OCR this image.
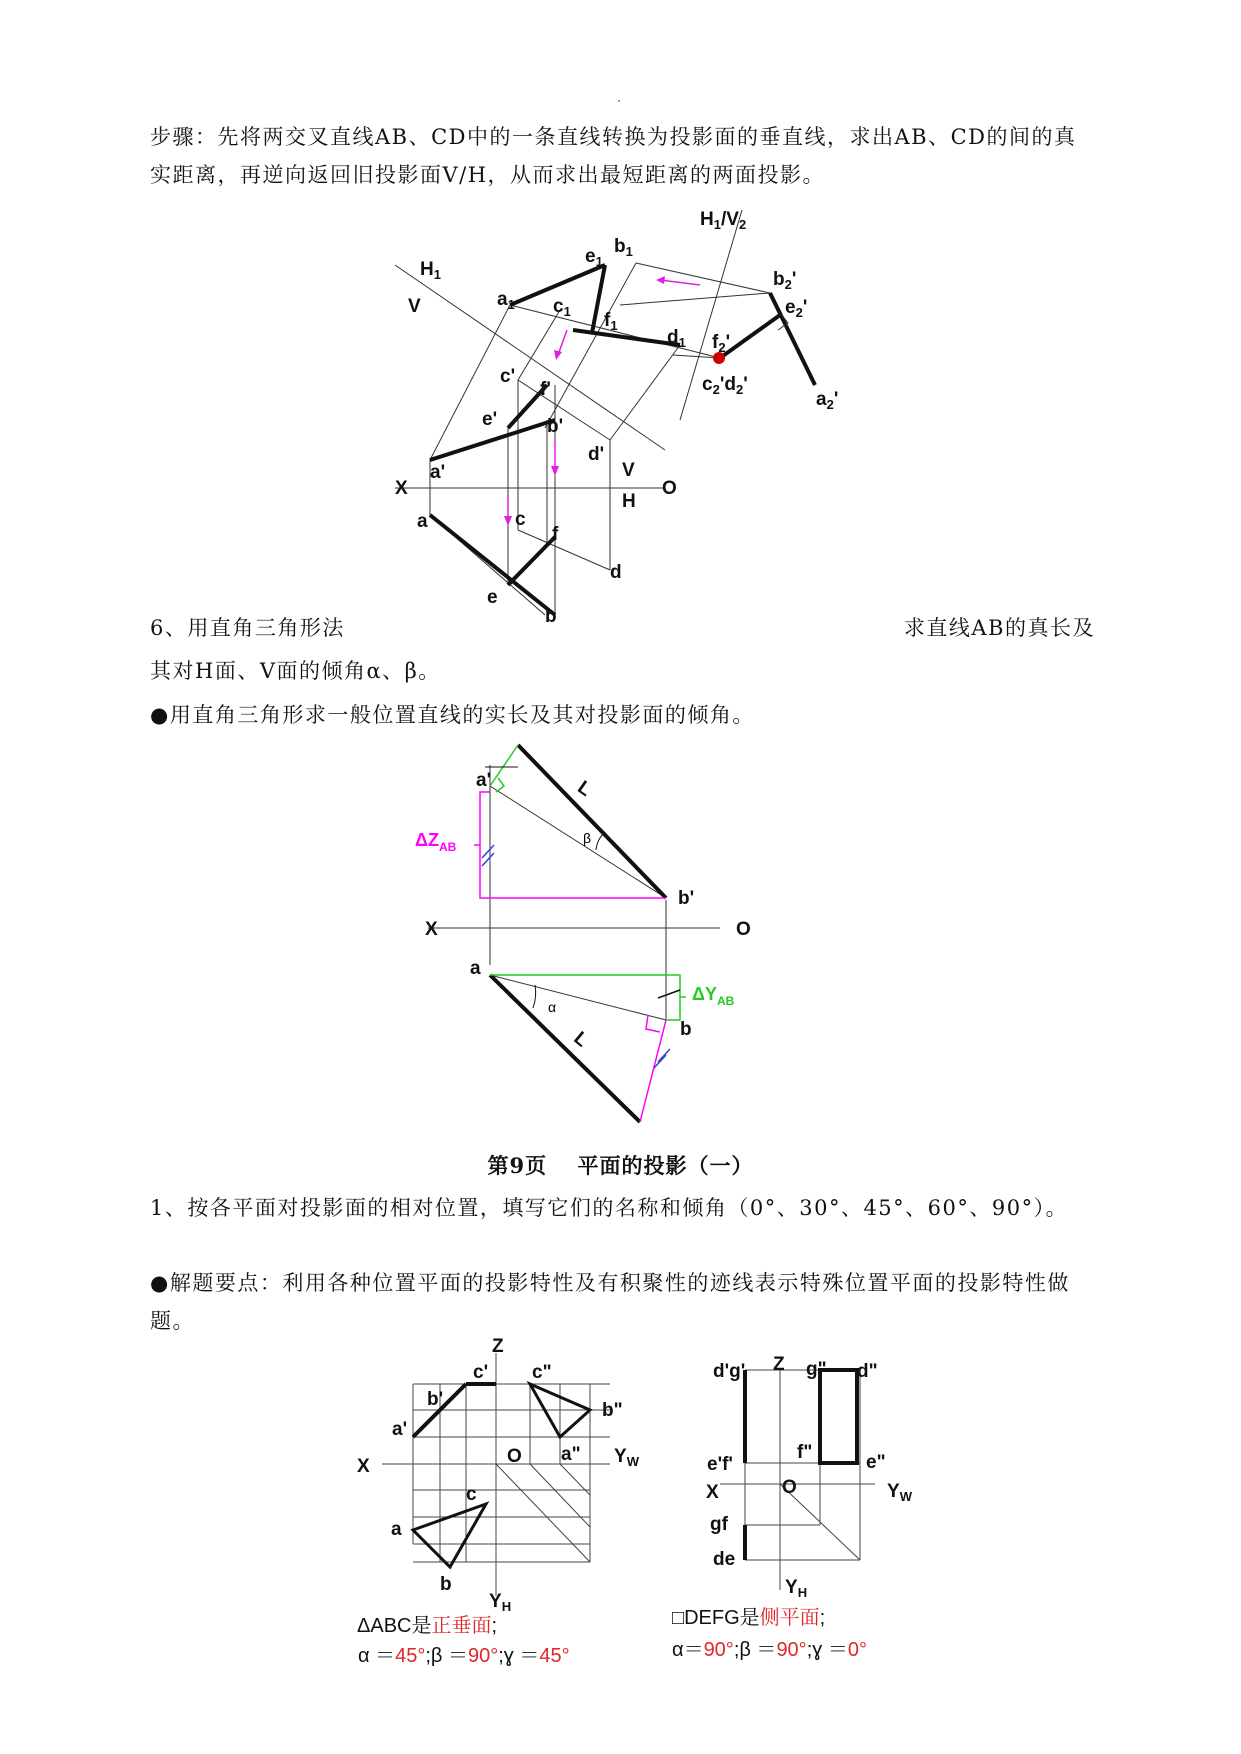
步骤：先将两交叉直线AB、CD中的一条直线转换为投影面的垂直线，求出AB、CD的间的真实距离，再逆向返回旧投影面V/H，从而求出最短距离的两面投影。

$H_1$
V
$H_1/V_2$
$a_1$
$b_1$
$c_1$
$d_1$
$e_1$
$f_1$
$b_2'$
$e_2'$
$f_2'$
$a_2'$
$c_2'd_2'$
c'
f'
e'	b'
a'
d'
X	O
V
H
a	c
f
d
e
b

6、用直角三角形法	求直线AB的真长及

其对H面、V面的倾角α、β。

●用直角三角形求一般位置直线的实长及其对投影面的倾角。

a'
b'
a
b
X	O
L
L
β
α
$\Delta Z_{AB}$
$\Delta Y_{AB}$

第9页　 平面的投影（一）

1、按各平面对投影面的相对位置，填写它们的名称和倾角（0°、30°、45°、60°、90°）。

●解题要点：利用各种位置平面的投影特性及有积聚性的迹线表示特殊位置平面的投影特性做题。

Z
c' c"
b'
b"
a'
a"
X	O	$Y_W$
c
a
b
$Y_H$

ΔABC是正垂面;

α ＝45°;β ＝90°;ɣ ＝45°

d'g' Z g" d"
e'f'
f"	e"
X	O	$Y_W$
gf
de
$Y_H$

□DEFG是侧平面;

α＝90°;β ＝90°;ɣ ＝0°
